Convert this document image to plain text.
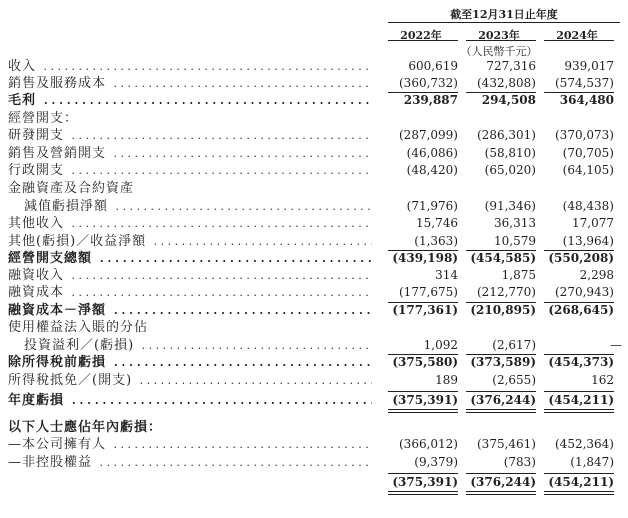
截至12月31日止年度
2022年	2023年	2024年
（人民幣千元）
收入 . . .	600,619	727,316	939,017
銷售及服務成本 . . .	(360,732)	(432,808)	(574,537)
毛利 . . .	239,887	294,508	364,480
經營開支：
研發開支 . . .	(287,099)	(286,301)	(370,073)
銷售及營銷開支 . . .	(46,086)	(58,810)	(70,705)
行政開支 . . .	(48,420)	(65,020)	(64,105)
金融資產及合約資產
減值虧損淨額 . . .	(71,976)	(91,346)	(48,438)
其他收入 . . .	15,746	36,313	17,077
其他(虧損)／收益淨額 . . .	(1,363)	10,579	(13,964)
經營開支總額 . . .	(439,198)	(454,585)	(550,208)
融資收入 . . .	314	1,875	2,298
融資成本 . . .	(177,675)	(212,770)	(270,943)
融資成本－淨額 . . .	(177,361)	(210,895)	(268,645)
使用權益法入賬的分佔
投資溢利／(虧損) . . .	1,092	(2,617)	—
除所得稅前虧損 . . .	(375,580)	(373,589)	(454,373)
所得稅抵免／(開支) . . .	189	(2,655)	162
年度虧損 . . .	(375,391)	(376,244)	(454,211)
以下人士應佔年內虧損：
—本公司擁有人 . . .	(366,012)	(375,461)	(452,364)
—非控股權益 . . .	(9,379)	(783)	(1,847)
(375,391)	(376,244)	(454,211)
